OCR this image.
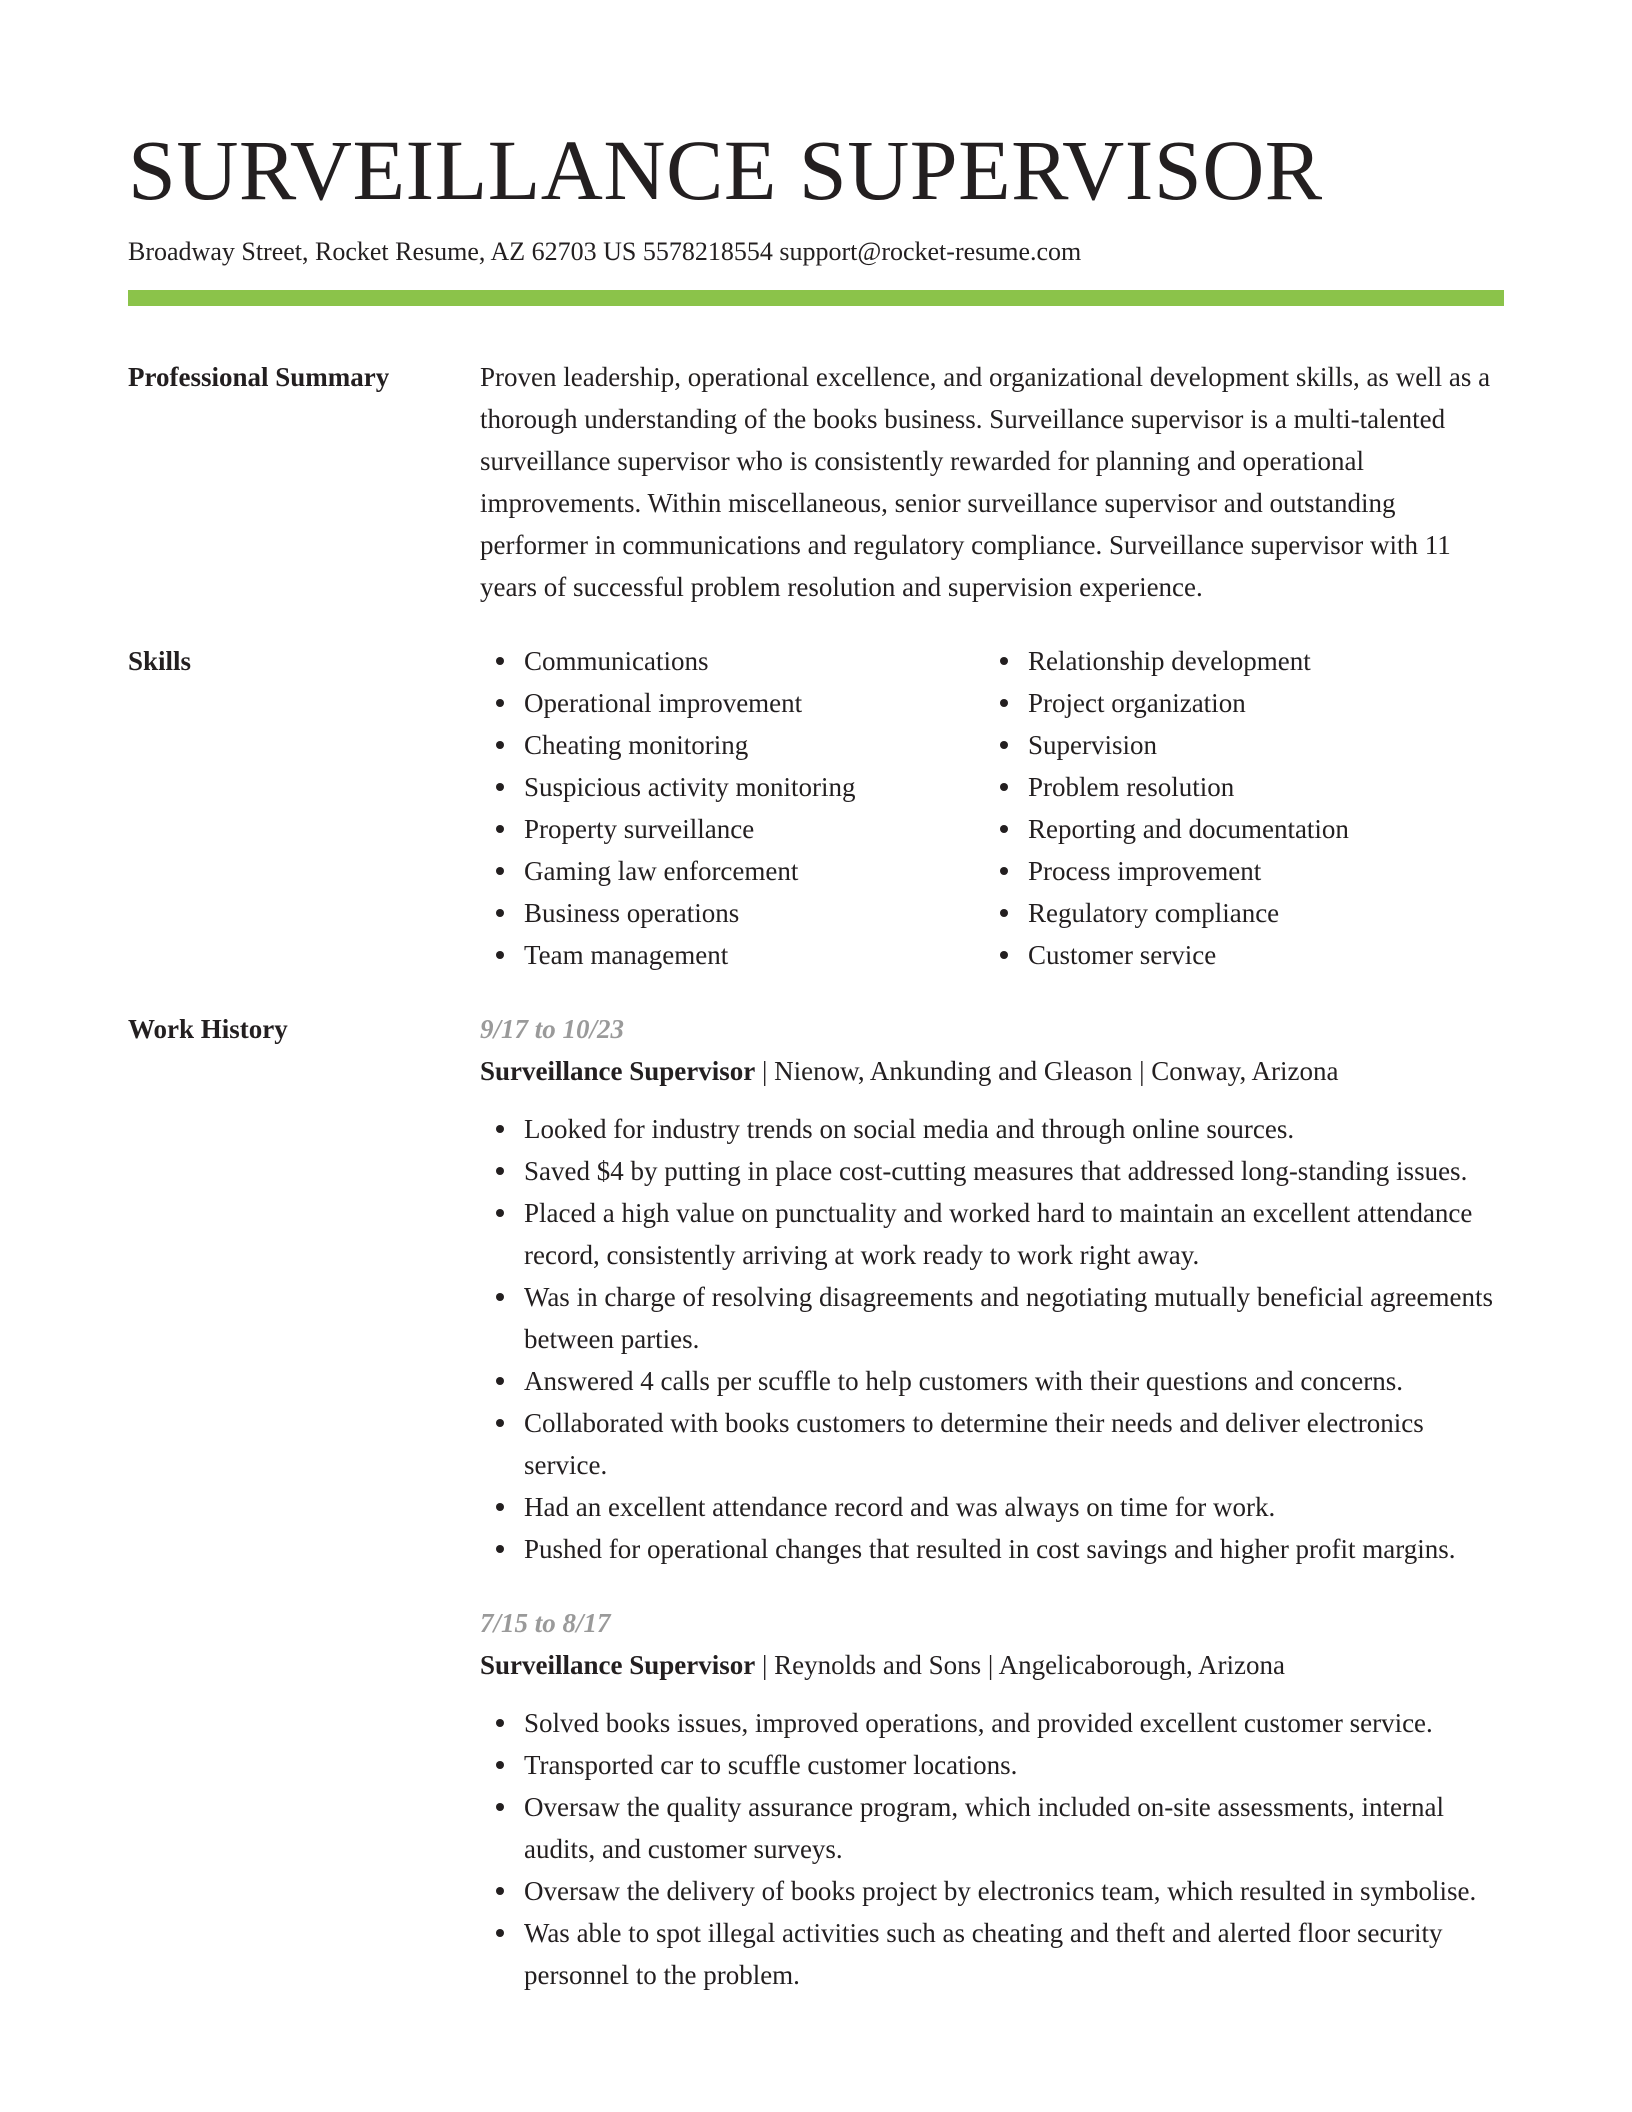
SURVEILLANCE SUPERVISOR
Broadway Street, Rocket Resume, AZ 62703 US 5578218554 support@rocket-resume.com
Professional Summary	Proven leadership, operational excellence, and organizational development skills, as well as a thorough understanding of the books business. Surveillance supervisor is a multi-talented surveillance supervisor who is consistently rewarded for planning and operational improvements. Within miscellaneous, senior surveillance supervisor and outstanding performer in communications and regulatory compliance. Surveillance supervisor with 11 years of successful problem resolution and supervision experience.
Skills	Communications
Operational improvement
Cheating monitoring
Suspicious activity monitoring
Property surveillance
Gaming law enforcement
Business operations
Team management
Relationship development
Project organization
Supervision
Problem resolution
Reporting and documentation
Process improvement
Regulatory compliance
Customer service
Work History	9/17 to 10/23
Surveillance Supervisor | Nienow, Ankunding and Gleason | Conway, Arizona
Looked for industry trends on social media and through online sources.
Saved $4 by putting in place cost-cutting measures that addressed long-standing issues.
Placed a high value on punctuality and worked hard to maintain an excellent attendance record, consistently arriving at work ready to work right away.
Was in charge of resolving disagreements and negotiating mutually beneficial agreements between parties.
Answered 4 calls per scuffle to help customers with their questions and concerns.
Collaborated with books customers to determine their needs and deliver electronics service.
Had an excellent attendance record and was always on time for work.
Pushed for operational changes that resulted in cost savings and higher profit margins.
7/15 to 8/17
Surveillance Supervisor | Reynolds and Sons | Angelicaborough, Arizona
Solved books issues, improved operations, and provided excellent customer service.
Transported car to scuffle customer locations.
Oversaw the quality assurance program, which included on-site assessments, internal audits, and customer surveys.
Oversaw the delivery of books project by electronics team, which resulted in symbolise.
Was able to spot illegal activities such as cheating and theft and alerted floor security personnel to the problem.
